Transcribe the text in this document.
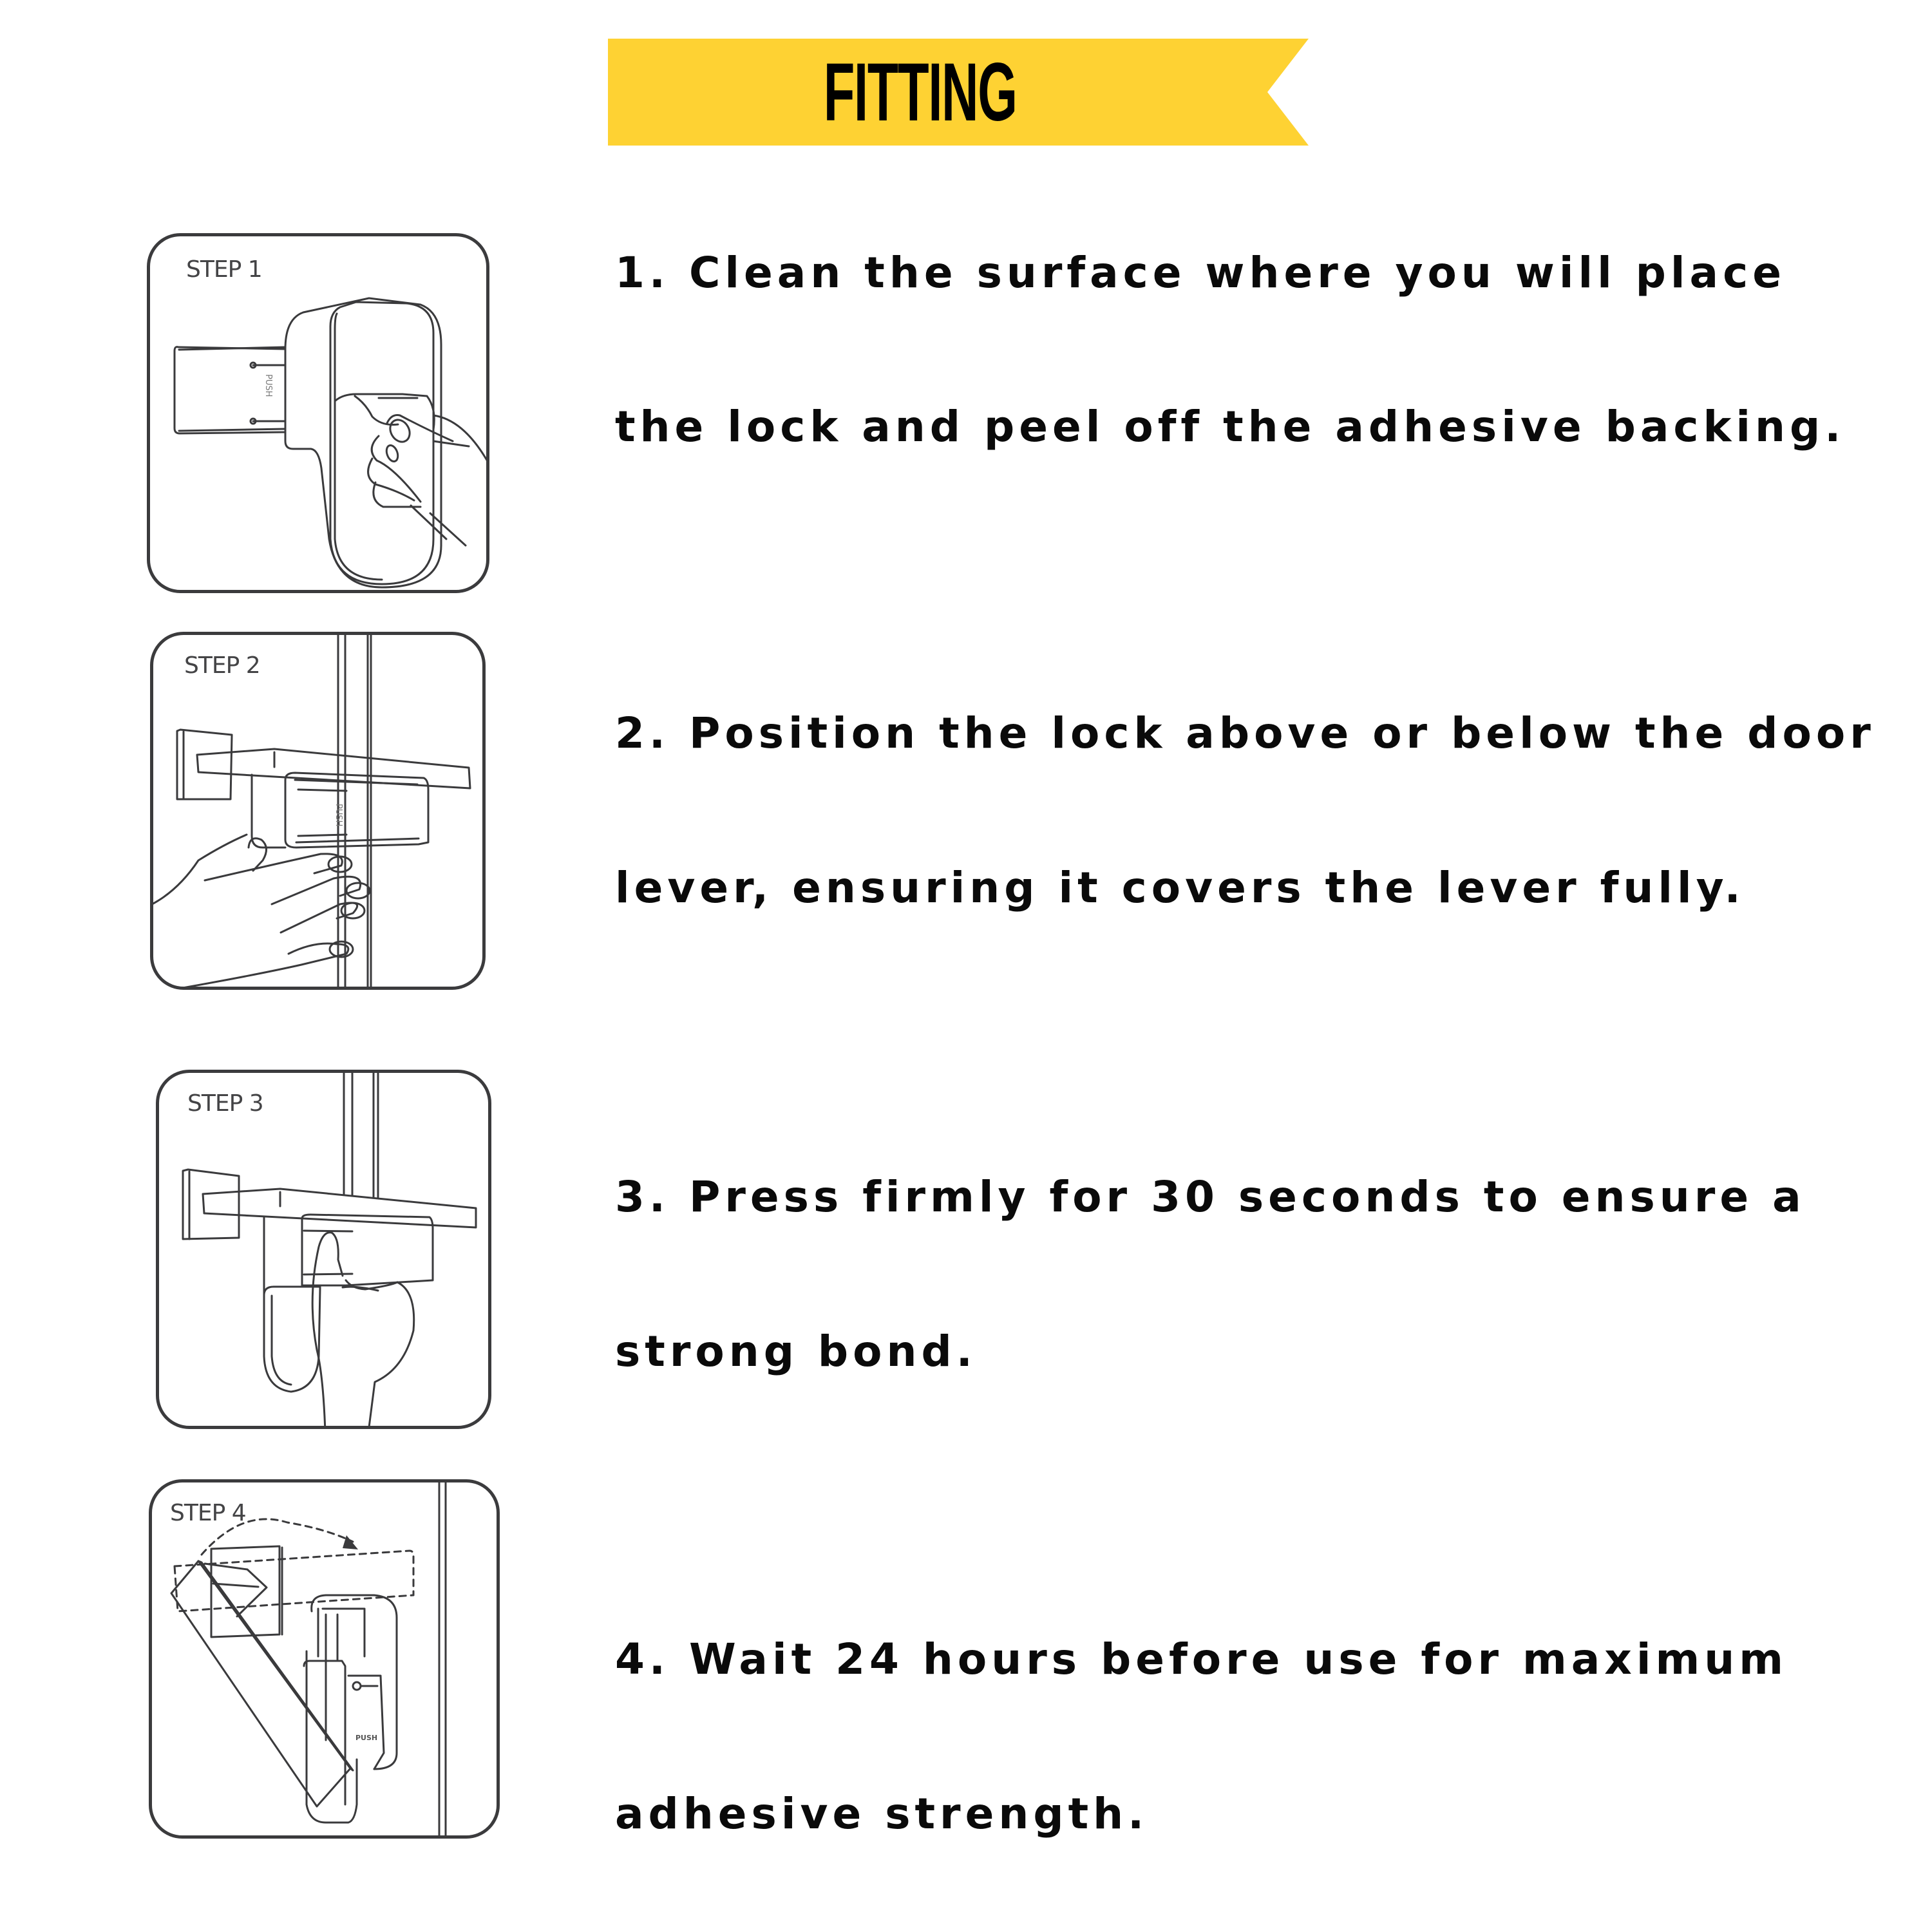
FITTING
STEP 1
PUSH
STEP 2
PUSH
STEP 3
STEP 4
PUSH
1. Clean the surface where you will place
the lock and peel off the adhesive backing.
2. Position the lock above or below the door
lever, ensuring it covers the lever fully.
3. Press firmly for 30 seconds to ensure a
strong bond.
4. Wait 24 hours before use for maximum
adhesive strength.
